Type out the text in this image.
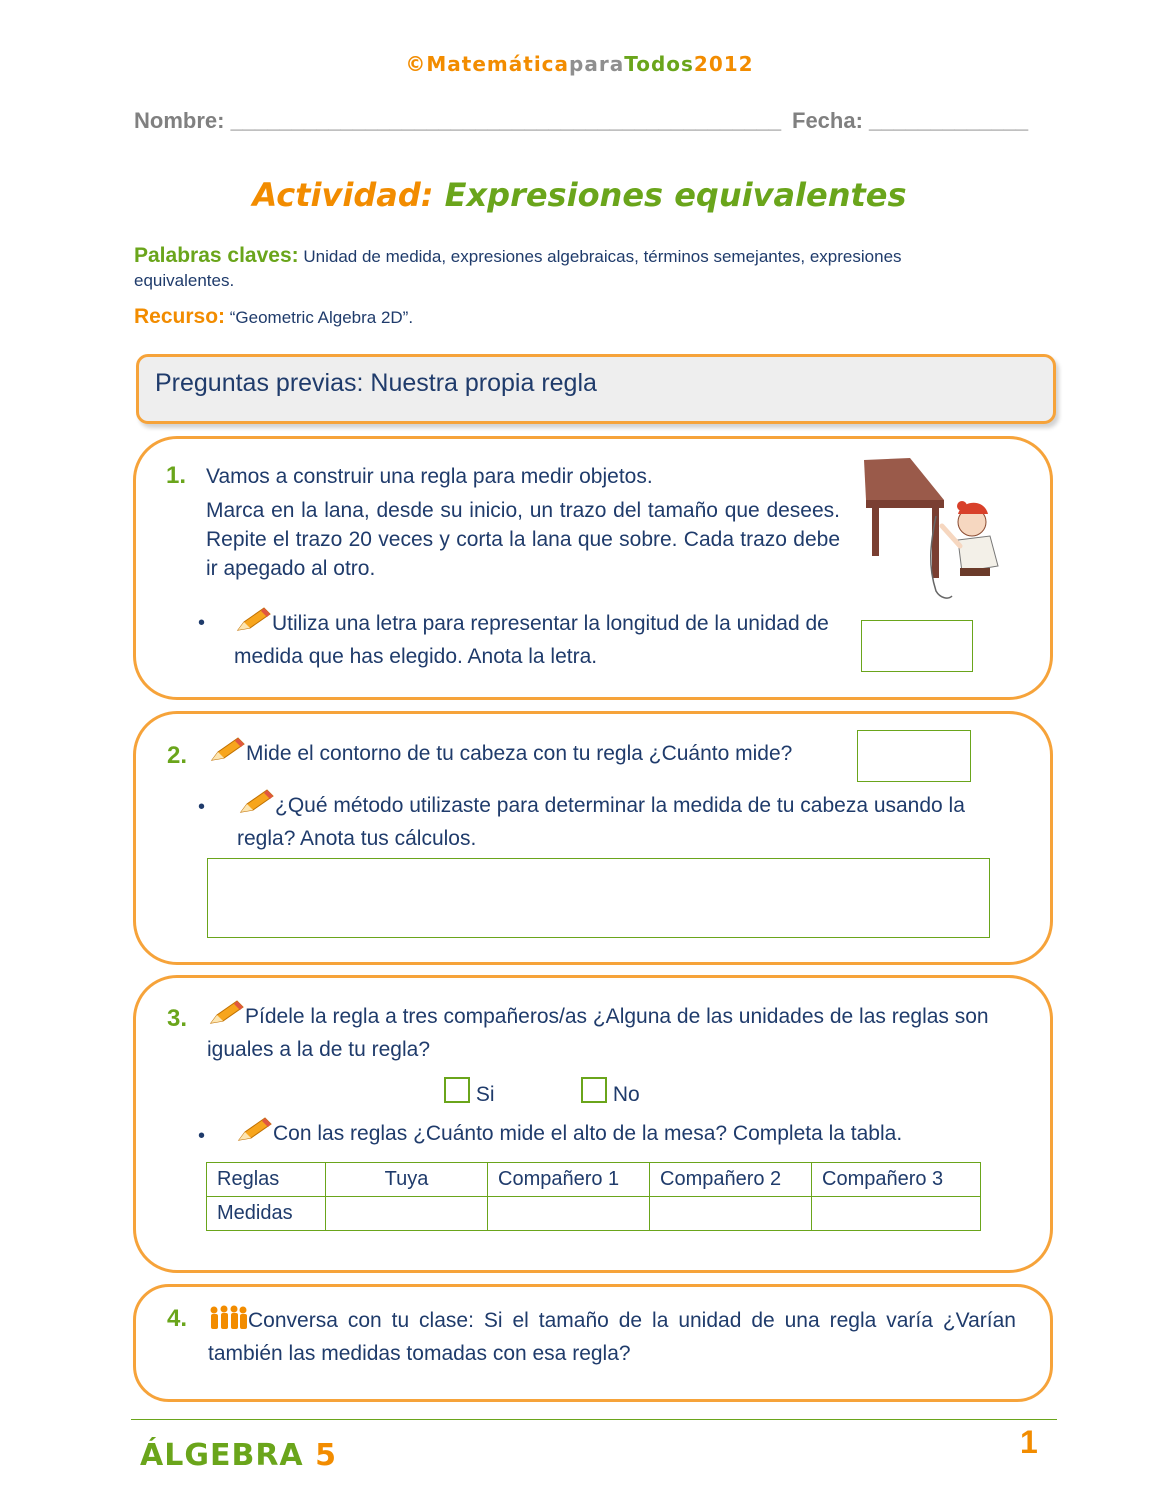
©MatemáticaparaTodos2012
Nombre: _____________________________________________ Fecha: _____________
Actividad: Expresiones equivalentes
Palabras claves: Unidad de medida, expresiones algebraicas, términos semejantes, expresiones equivalentes.
Recurso: “Geometric Algebra 2D”.
Preguntas previas: Nuestra propia regla
1. Vamos a construir una regla para medir objetos.
Marca en la lana, desde su inicio, un trazo del tamaño que desees. Repite el trazo 20 veces y corta la lana que sobre. Cada trazo debe ir apegado al otro.
•	Utiliza una letra para representar la longitud de la unidad de medida que has elegido. Anota la letra.
2.	Mide el contorno de tu cabeza con tu regla ¿Cuánto mide?
•	¿Qué método utilizaste para determinar la medida de tu cabeza usando la regla? Anota tus cálculos.
3.	Pídele la regla a tres compañeros/as ¿Alguna de las unidades de las reglas son iguales a la de tu regla?
Si	No
•	Con las reglas ¿Cuánto mide el alto de la mesa? Completa la tabla.
Reglas	Tuya	Compañero 1	Compañero 2	Compañero 3
Medidas				
4.	Conversa con tu clase: Si el tamaño de la unidad de una regla varía ¿Varían también las medidas tomadas con esa regla?
ÁLGEBRA 5	1
